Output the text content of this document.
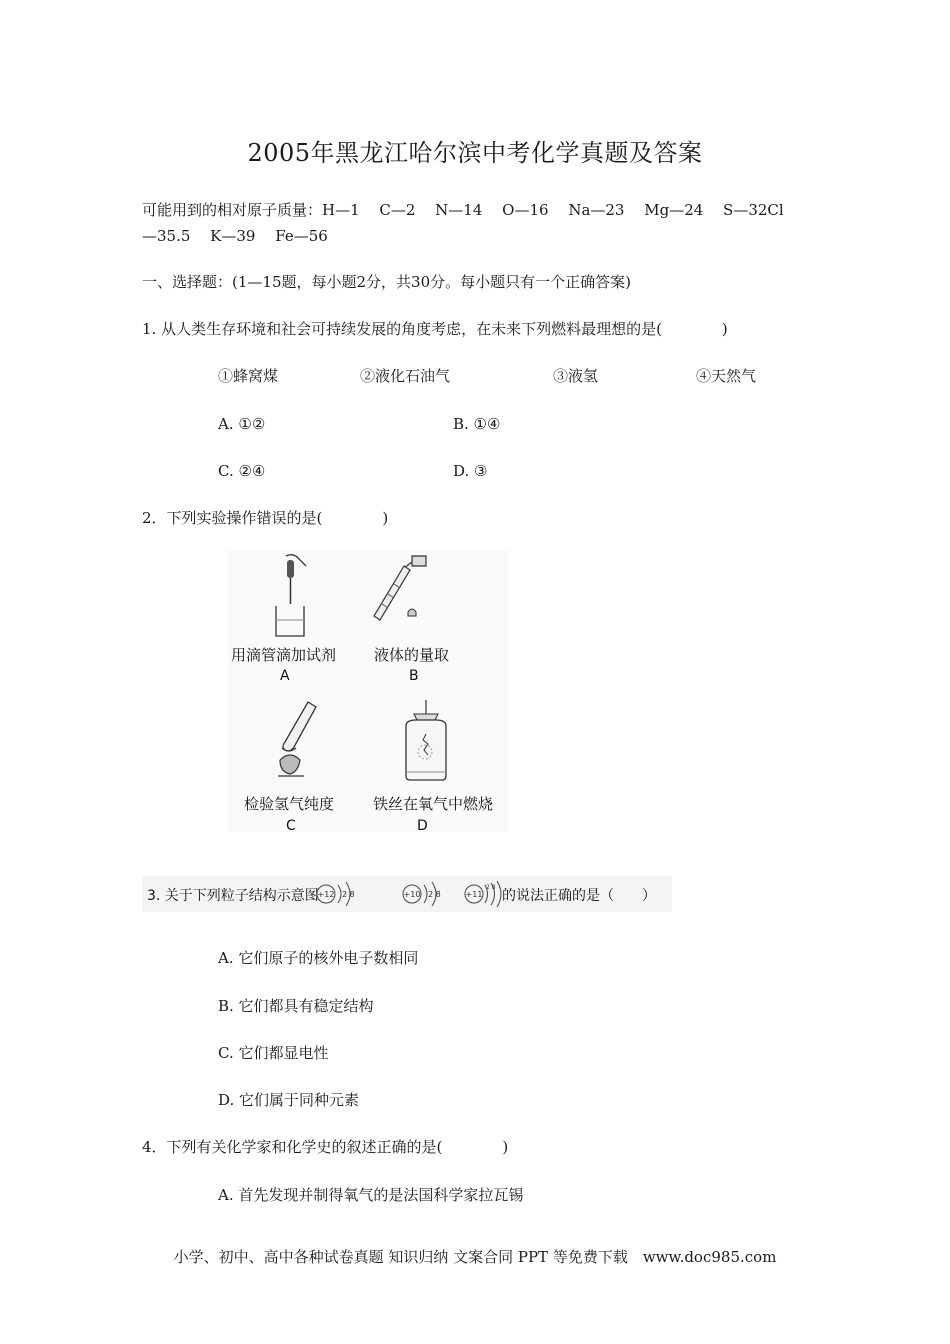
2005年黑龙江哈尔滨中考化学真题及答案
可能用到的相对原子质量：H—1　 C—2　 N—14　 O—16　 Na—23　 Mg—24　 S—32Cl
—35.5　 K—39　 Fe—56
一、选择题：(1—15题，每小题2分，共30分。每小题只有一个正确答案)
1. 从人类生存环境和社会可持续发展的角度考虑，在未来下列燃料最理想的是(　　　　)
①蜂窝煤	②液化石油气	③液氢	④天然气
A. ①②	B. ①④
C. ②④	D. ③
2．下列实验操作错误的是(　　　　)
用滴管滴加试剂
A
液体的量取
B
检验氢气纯度
C
铁丝在氧气中燃烧
D
3. 关于下列粒子结构示意图
+12 2 8	+10 2 8	+11
2 8
的说法正确的是（　　）
A. 它们原子的核外电子数相同
B. 它们都具有稳定结构
C. 它们都显电性
D. 它们属于同种元素
4．下列有关化学家和化学史的叙述正确的是(　　　　)
A. 首先发现并制得氧气的是法国科学家拉瓦锡
小学、初中、高中各种试卷真题 知识归纳 文案合同 PPT 等免费下载　www.doc985.com
